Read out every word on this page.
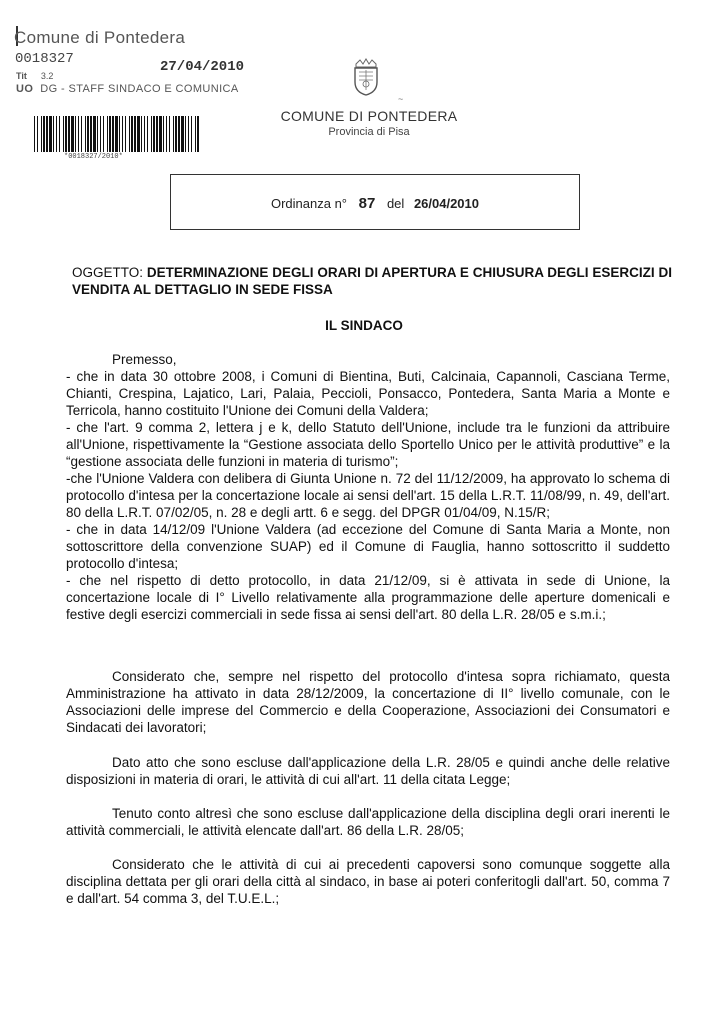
Comune di Pontedera
0018327	27/04/2010
Tit 3.2
UO DG - STAFF SINDACO E COMUNICA
*0018327/2010*
~
COMUNE DI PONTEDERA
Provincia di Pisa
Ordinanza n° 87 del 26/04/2010
OGGETTO: DETERMINAZIONE DEGLI ORARI DI APERTURA E CHIUSURA DEGLI ESERCIZI DI VENDITA AL DETTAGLIO IN SEDE FISSA
IL SINDACO

Premesso,

- che in data 30 ottobre 2008, i Comuni di Bientina, Buti, Calcinaia, Capannoli, Casciana Terme, Chianti, Crespina, Lajatico, Lari, Palaia, Peccioli, Ponsacco, Pontedera, Santa Maria a Monte e Terricola, hanno costituito l'Unione dei Comuni della Valdera;

- che l'art. 9 comma 2, lettera j e k, dello Statuto dell'Unione, include tra le funzioni da attribuire all'Unione, rispettivamente la “Gestione associata dello Sportello Unico per le attività produttive” e la “gestione associata delle funzioni in materia di turismo”;

-che l'Unione Valdera con delibera di Giunta Unione n. 72 del 11/12/2009, ha approvato lo schema di protocollo d'intesa per la concertazione locale ai sensi dell'art. 15 della L.R.T. 11/08/99, n. 49, dell'art. 80 della L.R.T. 07/02/05, n. 28 e degli artt. 6 e segg. del DPGR 01/04/09, N.15/R;

- che in data 14/12/09 l'Unione Valdera (ad eccezione del Comune di Santa Maria a Monte, non sottoscrittore della convenzione SUAP) ed il Comune di Fauglia, hanno sottoscritto il suddetto protocollo d'intesa;

- che nel rispetto di detto protocollo, in data 21/12/09, si è attivata in sede di Unione, la concertazione locale di I° Livello relativamente alla programmazione delle aperture domenicali e festive degli esercizi commerciali in sede fissa ai sensi dell'art. 80 della L.R. 28/05 e s.m.i.;

Considerato che, sempre nel rispetto del protocollo d'intesa sopra richiamato, questa Amministrazione ha attivato in data 28/12/2009, la concertazione di II° livello comunale, con le Associazioni delle imprese del Commercio e della Cooperazione, Associazioni dei Consumatori e Sindacati dei lavoratori;

Dato atto che sono escluse dall'applicazione della L.R. 28/05 e quindi anche delle relative disposizioni in materia di orari, le attività di cui all'art. 11 della citata Legge;

Tenuto conto altresì che sono escluse dall'applicazione della disciplina degli orari inerenti le attività commerciali, le attività elencate dall'art. 86 della L.R. 28/05;

Considerato che le attività di cui ai precedenti capoversi sono comunque soggette alla disciplina dettata per gli orari della città al sindaco, in base ai poteri conferitogli dall'art. 50, comma 7 e dall'art. 54 comma 3, del T.U.E.L.;
